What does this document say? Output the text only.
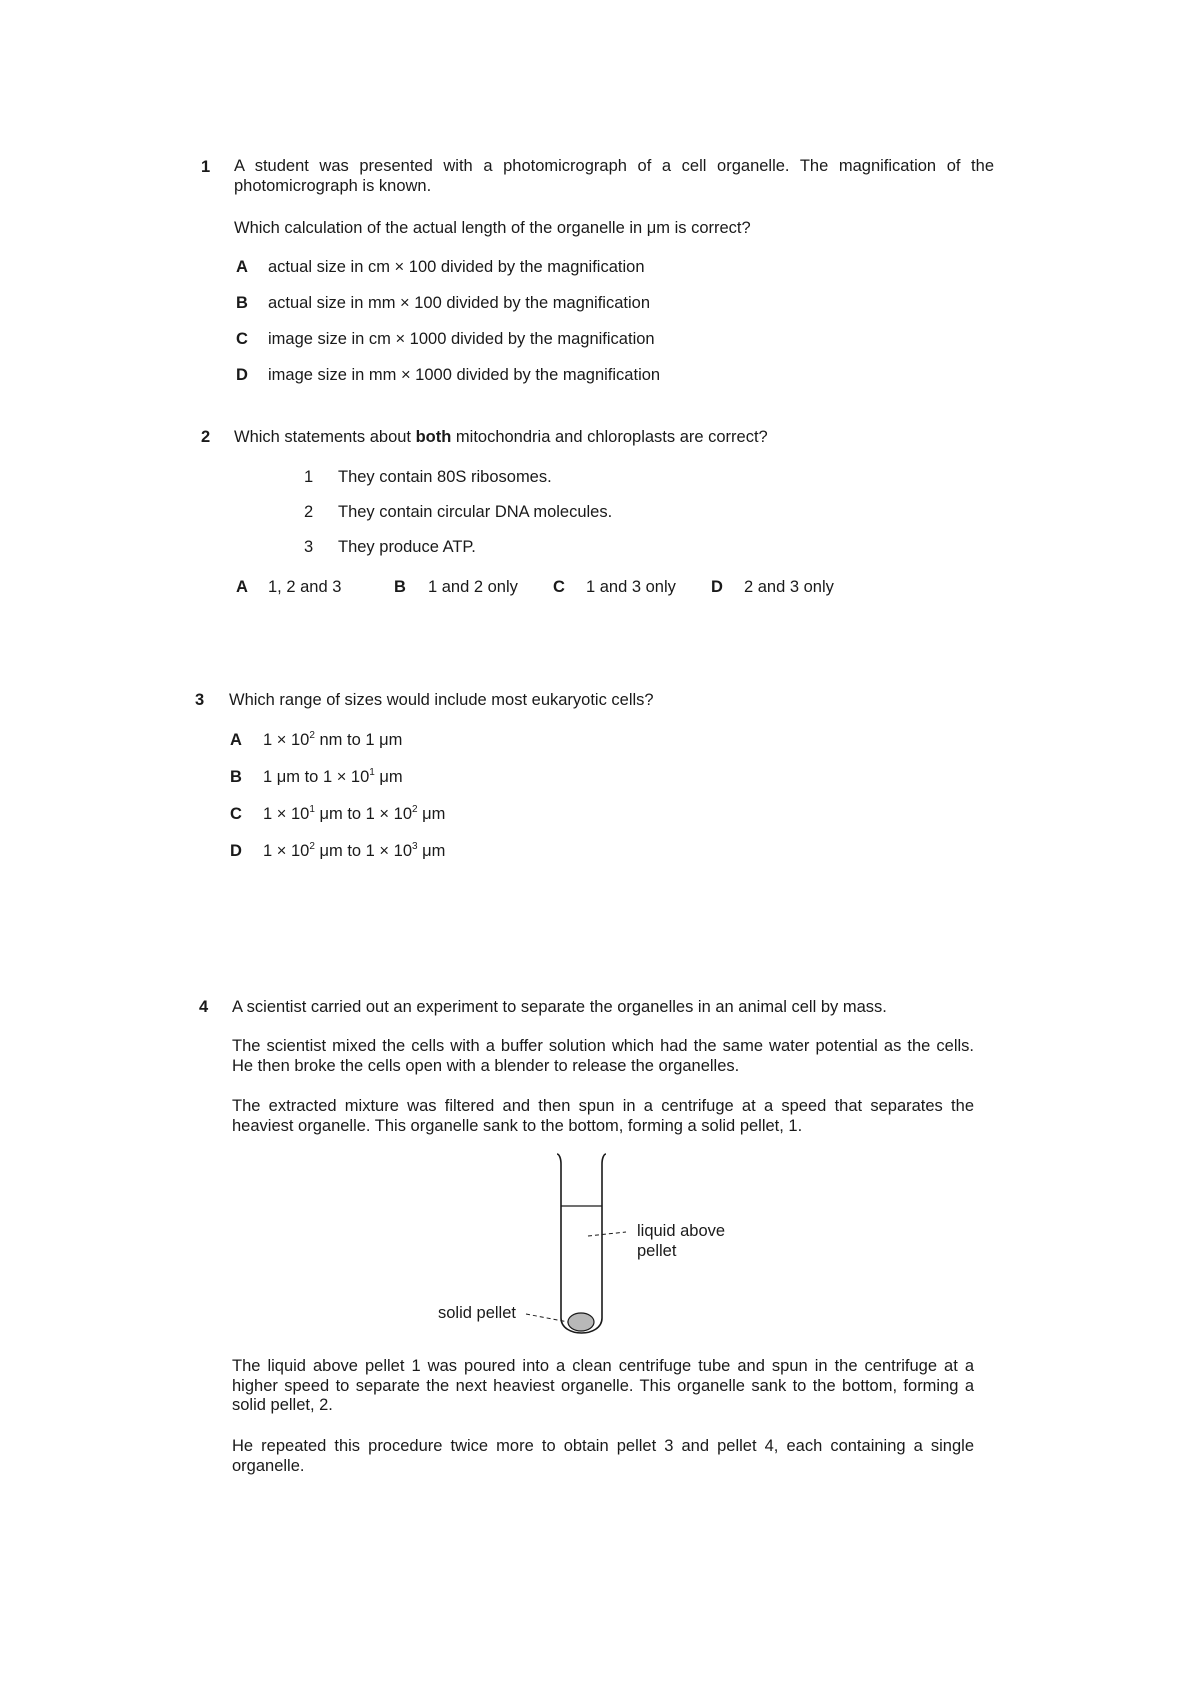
1 A student was presented with a photomicrograph of a cell organelle. The magnification of the photomicrograph is known.
Which calculation of the actual length of the organelle in μm is correct?
A actual size in cm × 100 divided by the magnification
B actual size in mm × 100 divided by the magnification
C image size in cm × 1000 divided by the magnification
D image size in mm × 1000 divided by the magnification
2 Which statements about both mitochondria and chloroplasts are correct?
1 They contain 80S ribosomes.
2 They contain circular DNA molecules.
3 They produce ATP.
A 1, 2 and 3	B 1 and 2 only C 1 and 3 only D 2 and 3 only
3 Which range of sizes would include most eukaryotic cells?
A $1 \times 10^2$ nm to 1 μm
B 1 μm to $1 \times 10^1$ μm
C $1 \times 10^1$ μm to $1 \times 10^2$ μm
D $1 \times 10^2$ μm to $1 \times 10^3$ μm
4 A scientist carried out an experiment to separate the organelles in an animal cell by mass.
The scientist mixed the cells with a buffer solution which had the same water potential as the cells. He then broke the cells open with a blender to release the organelles.
The extracted mixture was filtered and then spun in a centrifuge at a speed that separates the heaviest organelle. This organelle sank to the bottom, forming a solid pellet, 1.
liquid above
pellet
solid pellet
The liquid above pellet 1 was poured into a clean centrifuge tube and spun in the centrifuge at a higher speed to separate the next heaviest organelle. This organelle sank to the bottom, forming a solid pellet, 2.
He repeated this procedure twice more to obtain pellet 3 and pellet 4, each containing a single organelle.
